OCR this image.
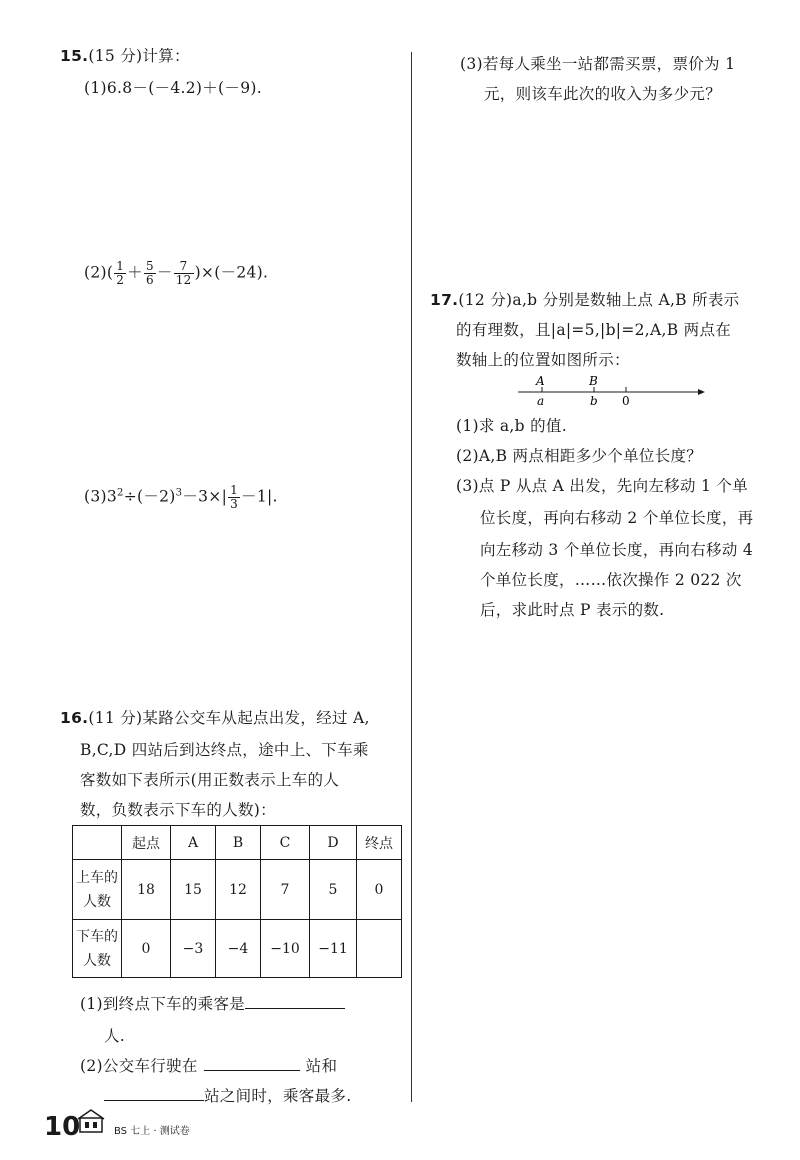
15.(15 分)计算：
(1)6.8－(－4.2)＋(－9).
$(2)( \frac{1}{2} + \frac{5}{6} - \frac{7}{12} )\times(-24)$.
$(3)3^2\div(-2)^3-3\times| \frac{1}{3} -1|$.
16.(11 分)某路公交车从起点出发，经过 A,
B,C,D 四站后到达终点，途中上、下车乘
客数如下表所示(用正数表示上车的人
数，负数表示下车的人数)：
	起点	A	B	C	D	终点
上车的
人数	18	15	12	7	5	0
下车的
人数	0	−3	−4	−10	−11	
(1)到终点下车的乘客是
人.
(2)公交车行驶在	站和
站之间时，乘客最多.
(3)若每人乘坐一站都需买票，票价为 1
元，则该车此次的收入为多少元？
17.(12 分)a,b 分别是数轴上点 A,B 所表示
的有理数，且|a|=5,|b|=2,A,B 两点在
数轴上的位置如图所示：
A	B
a	b 0
(1)求 a,b 的值.
(2)A,B 两点相距多少个单位长度？
(3)点 P 从点 A 出发，先向左移动 1 个单
位长度，再向右移动 2 个单位长度，再
向左移动 3 个单位长度，再向右移动 4
个单位长度，……依次操作 2 022 次
后，求此时点 P 表示的数.
10	BS 七上 · 测试卷
